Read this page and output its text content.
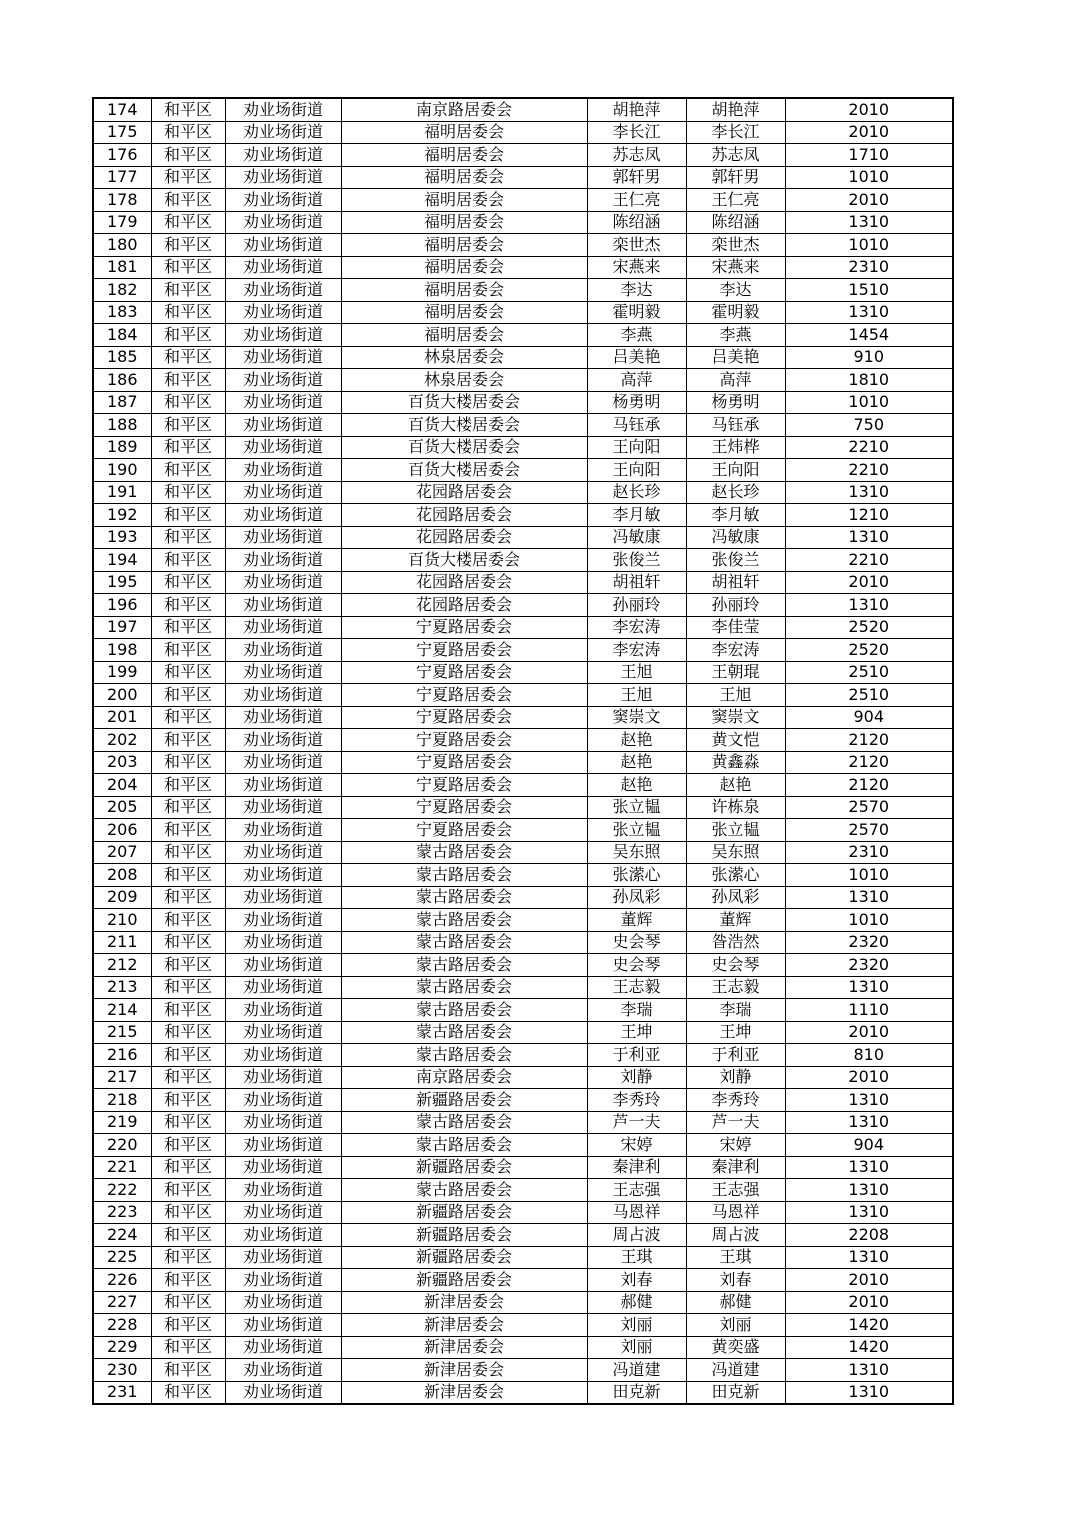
174	和平区	劝业场街道	南京路居委会	胡艳萍	胡艳萍	2010
175	和平区	劝业场街道	福明居委会	李长江	李长江	2010
176	和平区	劝业场街道	福明居委会	苏志凤	苏志凤	1710
177	和平区	劝业场街道	福明居委会	郭轩男	郭轩男	1010
178	和平区	劝业场街道	福明居委会	王仁亮	王仁亮	2010
179	和平区	劝业场街道	福明居委会	陈绍涵	陈绍涵	1310
180	和平区	劝业场街道	福明居委会	栾世杰	栾世杰	1010
181	和平区	劝业场街道	福明居委会	宋燕来	宋燕来	2310
182	和平区	劝业场街道	福明居委会	李达	李达	1510
183	和平区	劝业场街道	福明居委会	霍明毅	霍明毅	1310
184	和平区	劝业场街道	福明居委会	李燕	李燕	1454
185	和平区	劝业场街道	林泉居委会	吕美艳	吕美艳	910
186	和平区	劝业场街道	林泉居委会	高萍	高萍	1810
187	和平区	劝业场街道	百货大楼居委会	杨勇明	杨勇明	1010
188	和平区	劝业场街道	百货大楼居委会	马钰承	马钰承	750
189	和平区	劝业场街道	百货大楼居委会	王向阳	王炜桦	2210
190	和平区	劝业场街道	百货大楼居委会	王向阳	王向阳	2210
191	和平区	劝业场街道	花园路居委会	赵长珍	赵长珍	1310
192	和平区	劝业场街道	花园路居委会	李月敏	李月敏	1210
193	和平区	劝业场街道	花园路居委会	冯敏康	冯敏康	1310
194	和平区	劝业场街道	百货大楼居委会	张俊兰	张俊兰	2210
195	和平区	劝业场街道	花园路居委会	胡祖轩	胡祖轩	2010
196	和平区	劝业场街道	花园路居委会	孙丽玲	孙丽玲	1310
197	和平区	劝业场街道	宁夏路居委会	李宏涛	李佳莹	2520
198	和平区	劝业场街道	宁夏路居委会	李宏涛	李宏涛	2520
199	和平区	劝业场街道	宁夏路居委会	王旭	王朝琨	2510
200	和平区	劝业场街道	宁夏路居委会	王旭	王旭	2510
201	和平区	劝业场街道	宁夏路居委会	窦崇文	窦崇文	904
202	和平区	劝业场街道	宁夏路居委会	赵艳	黄文恺	2120
203	和平区	劝业场街道	宁夏路居委会	赵艳	黄鑫淼	2120
204	和平区	劝业场街道	宁夏路居委会	赵艳	赵艳	2120
205	和平区	劝业场街道	宁夏路居委会	张立韫	许栋泉	2570
206	和平区	劝业场街道	宁夏路居委会	张立韫	张立韫	2570
207	和平区	劝业场街道	蒙古路居委会	吴东照	吴东照	2310
208	和平区	劝业场街道	蒙古路居委会	张潆心	张潆心	1010
209	和平区	劝业场街道	蒙古路居委会	孙凤彩	孙凤彩	1310
210	和平区	劝业场街道	蒙古路居委会	董辉	董辉	1010
211	和平区	劝业场街道	蒙古路居委会	史会琴	昝浩然	2320
212	和平区	劝业场街道	蒙古路居委会	史会琴	史会琴	2320
213	和平区	劝业场街道	蒙古路居委会	王志毅	王志毅	1310
214	和平区	劝业场街道	蒙古路居委会	李瑞	李瑞	1110
215	和平区	劝业场街道	蒙古路居委会	王坤	王坤	2010
216	和平区	劝业场街道	蒙古路居委会	于利亚	于利亚	810
217	和平区	劝业场街道	南京路居委会	刘静	刘静	2010
218	和平区	劝业场街道	新疆路居委会	李秀玲	李秀玲	1310
219	和平区	劝业场街道	蒙古路居委会	芦一夫	芦一夫	1310
220	和平区	劝业场街道	蒙古路居委会	宋婷	宋婷	904
221	和平区	劝业场街道	新疆路居委会	秦津利	秦津利	1310
222	和平区	劝业场街道	蒙古路居委会	王志强	王志强	1310
223	和平区	劝业场街道	新疆路居委会	马恩祥	马恩祥	1310
224	和平区	劝业场街道	新疆路居委会	周占波	周占波	2208
225	和平区	劝业场街道	新疆路居委会	王琪	王琪	1310
226	和平区	劝业场街道	新疆路居委会	刘春	刘春	2010
227	和平区	劝业场街道	新津居委会	郝健	郝健	2010
228	和平区	劝业场街道	新津居委会	刘丽	刘丽	1420
229	和平区	劝业场街道	新津居委会	刘丽	黄奕盛	1420
230	和平区	劝业场街道	新津居委会	冯道建	冯道建	1310
231	和平区	劝业场街道	新津居委会	田克新	田克新	1310
